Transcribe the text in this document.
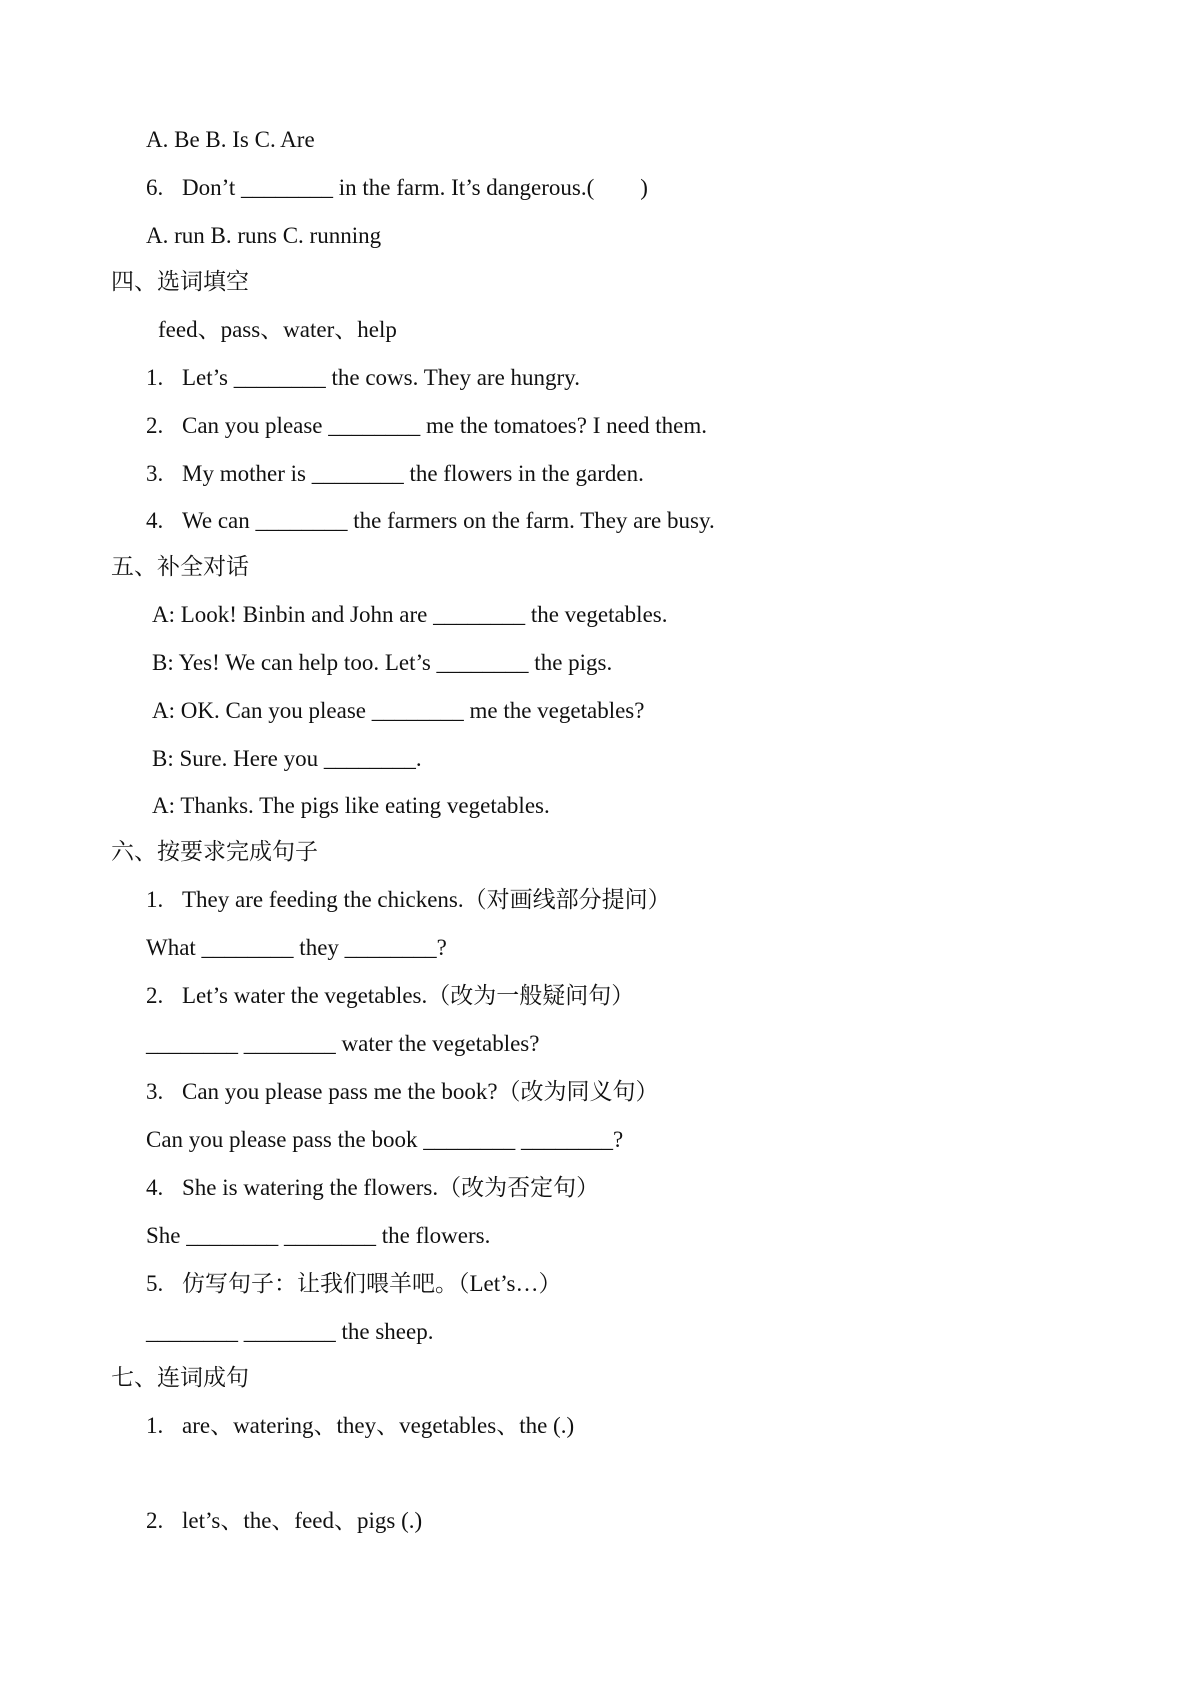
A. Be B. Is C. Are
6. Don’t ________ in the farm. It’s dangerous.(        )
A. run B. runs C. running
四、选词填空
feed、pass、water、help
1. Let’s ________ the cows. They are hungry.
2. Can you please ________ me the tomatoes? I need them.
3. My mother is ________ the flowers in the garden.
4. We can ________ the farmers on the farm. They are busy.
五、补全对话
A: Look! Binbin and John are ________ the vegetables.
B: Yes! We can help too. Let’s ________ the pigs.
A: OK. Can you please ________ me the vegetables?
B: Sure. Here you ________.
A: Thanks. The pigs like eating vegetables.
六、按要求完成句子
1. They are feeding the chickens.（对画线部分提问）
What ________ they ________?
2. Let’s water the vegetables.（改为一般疑问句）
________ ________ water the vegetables?
3. Can you please pass me the book?（改为同义句）
Can you please pass the book ________ ________?
4. She is watering the flowers.（改为否定句）
She ________ ________ the flowers.
5. 仿写句子：让我们喂羊吧。（Let’s…）
________ ________ the sheep.
七、连词成句
1. are、watering、they、vegetables、the (.)
2. let’s、the、feed、pigs (.)
